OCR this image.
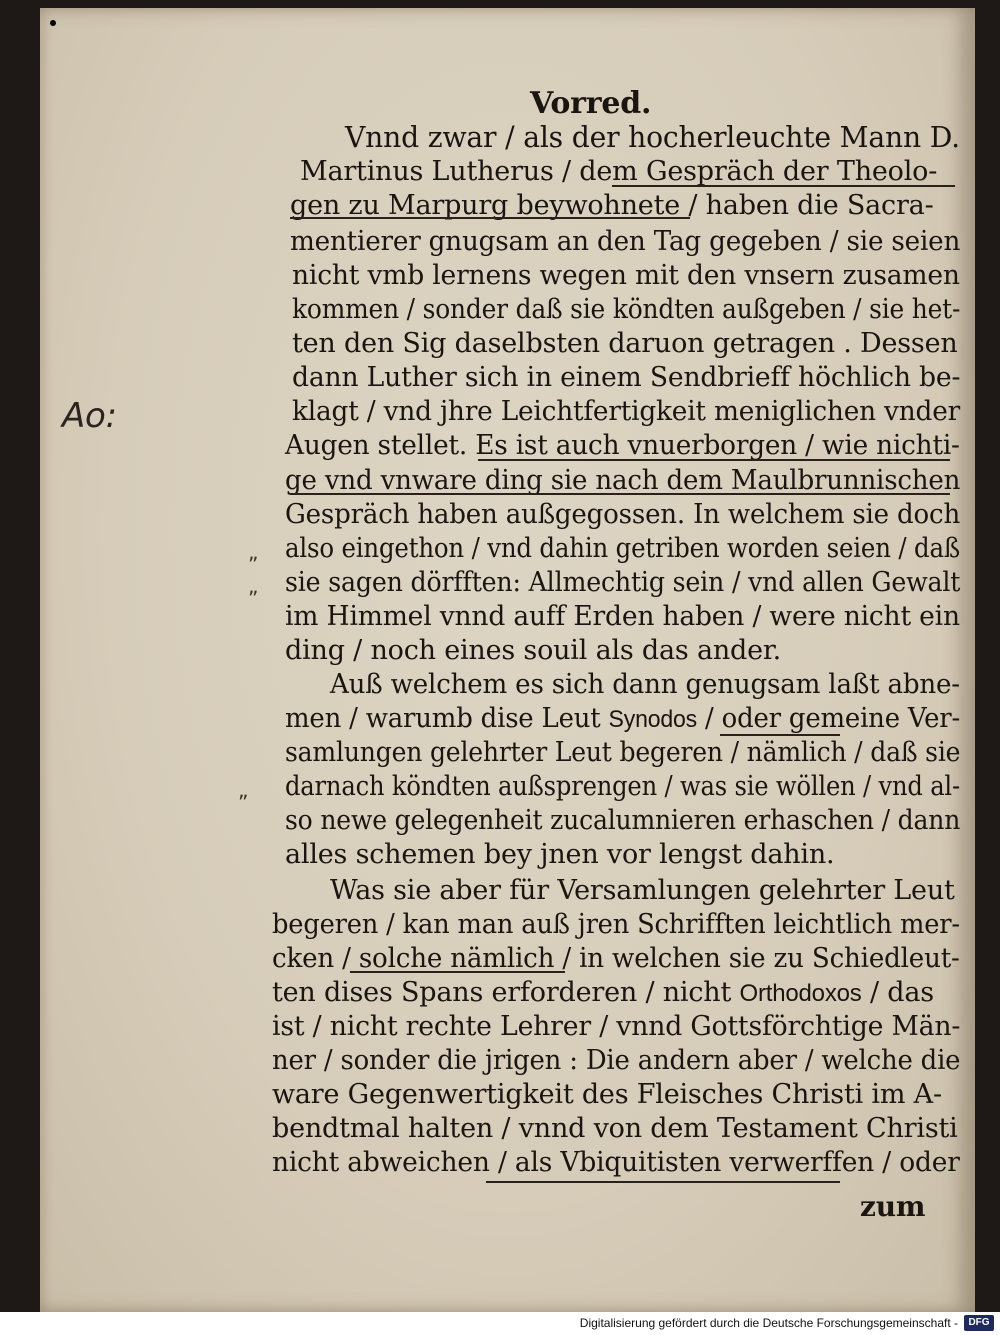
Vorred.
Vnnd zwar / als der hocherleuchte Mann D.
Martinus Lutherus / dem Gespräch der Theolo-
gen zu Marpurg beywohnete / haben die Sacra-
mentierer gnugsam an den Tag gegeben / sie seien
nicht vmb lernens wegen mit den vnsern zusamen
kommen / sonder daß sie köndten außgeben / sie het-
ten den Sig daselbsten daruon getragen . Dessen
dann Luther sich in einem Sendbrieff höchlich be-
klagt / vnd jhre Leichtfertigkeit meniglichen vnder
Augen stellet. Es ist auch vnuerborgen / wie nichti-
ge vnd vnware ding sie nach dem Maulbrunnischen
Gespräch haben außgegossen. In welchem sie doch
also eingethon / vnd dahin getriben worden seien / daß
sie sagen dörfften: Allmechtig sein / vnd allen Gewalt
im Himmel vnnd auff Erden haben / were nicht ein
ding / noch eines souil als das ander.
Auß welchem es sich dann genugsam laßt abne-
men / warumb dise Leut Synodos / oder gemeine Ver-
samlungen gelehrter Leut begeren / nämlich / daß sie
darnach köndten außsprengen / was sie wöllen / vnd al-
so newe gelegenheit zucalumnieren erhaschen / dann
alles schemen bey jnen vor lengst dahin.
Was sie aber für Versamlungen gelehrter Leut
begeren / kan man auß jren Schrifften leichtlich mer-
cken / solche nämlich / in welchen sie zu Schiedleut-
ten dises Spans erforderen / nicht Orthodoxos / das
ist / nicht rechte Lehrer / vnnd Gottsförchtige Män-
ner / sonder die jrigen : Die andern aber / welche die
ware Gegenwertigkeit des Fleisches Christi im A-
bendtmal halten / vnnd von dem Testament Christi
nicht abweichen / als Vbiquitisten verwerffen / oder
zum
Ao:
„
„
„
Digitalisierung gefördert durch die Deutsche Forschungsgemeinschaft -	DFG
